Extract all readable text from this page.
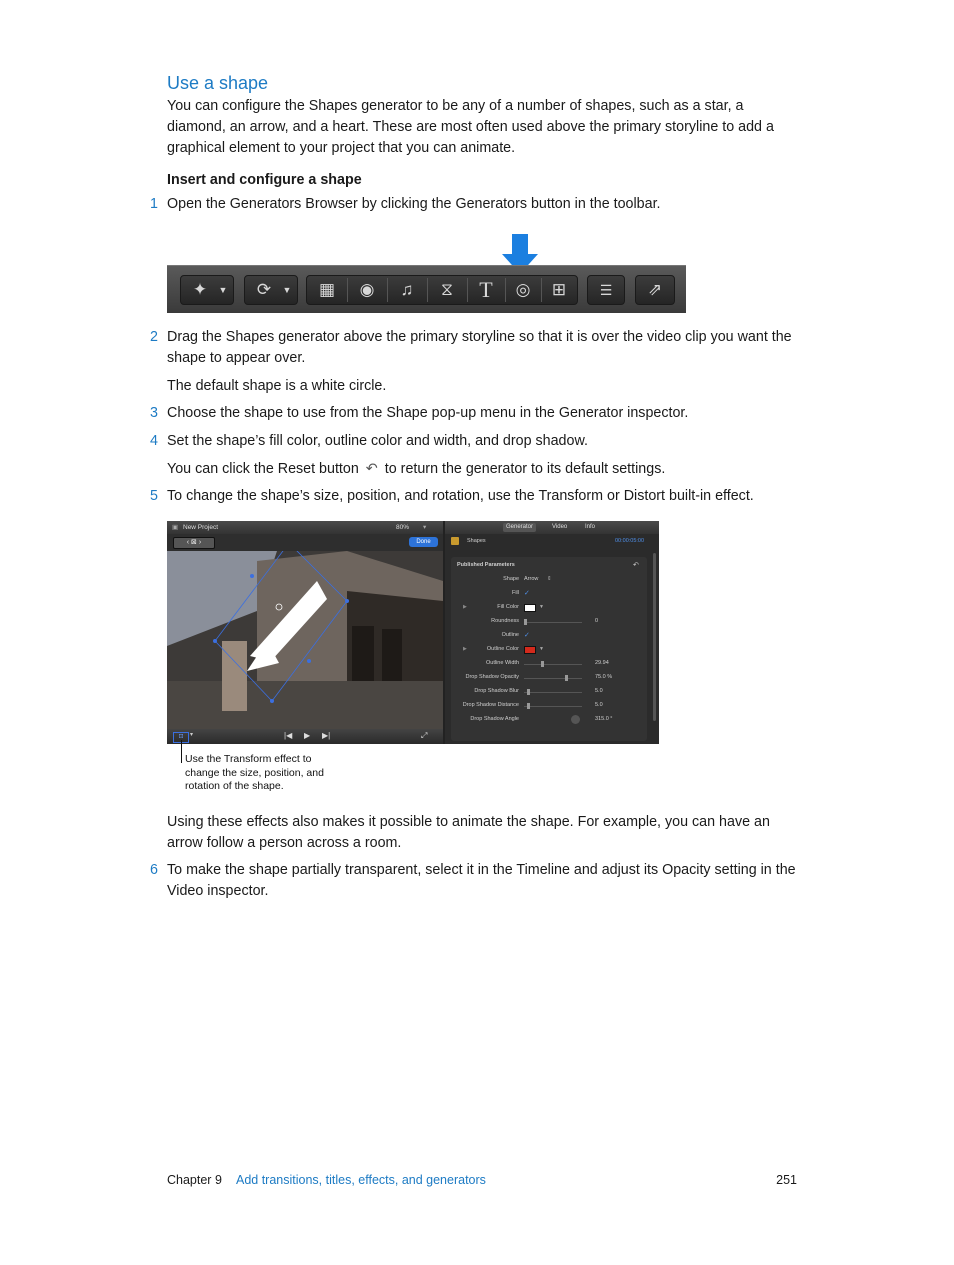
Use a shape

You can configure the Shapes generator to be any of a number of shapes, such as a star, a diamond, an arrow, and a heart. These are most often used above the primary storyline to add a graphical element to your project that you can animate.

Insert and configure a shape

1 Open the Generators Browser by clicking the Generators button in the toolbar.
✦	▼	⟳	▼	▦	◉	♫	⧖	T	◎	⊞	☰	⇗
2 Drag the Shapes generator above the primary storyline so that it is over the video clip you want the shape to appear over.

The default shape is a white circle.

3 Choose the shape to use from the Shape pop-up menu in the Generator inspector.
4 Set the shape’s fill color, outline color and width, and drop shadow.

You can click the Reset button ↶ to return the generator to its default settings.

5 To change the shape’s size, position, and rotation, use the Transform or Distort built-in effect.
▣ New Project	80% ▾
‹ ⊠ ›	Done
⊡	▾	|◀ ▶ ▶|	⤢
Generator	Video	Info
Shapes	00:00:05:00
Published Parameters	↶
Shape Arrow ⇕
Fill ✓
Fill Color
▶	▼
Roundness	0
Outline ✓
Outline Color
▶	▼
Outline Width	29.94
Drop Shadow Opacity	75.0 %
Drop Shadow Blur	5.0
Drop Shadow Distance	5.0
Drop Shadow Angle	315.0 °
Use the Transform effect to change the size, position, and rotation of the shape.

Using these effects also makes it possible to animate the shape. For example, you can have an arrow follow a person across a room.

6 To make the shape partially transparent, select it in the Timeline and adjust its Opacity setting in the Video inspector.
Chapter 9 Add transitions, titles, effects, and generators	251
